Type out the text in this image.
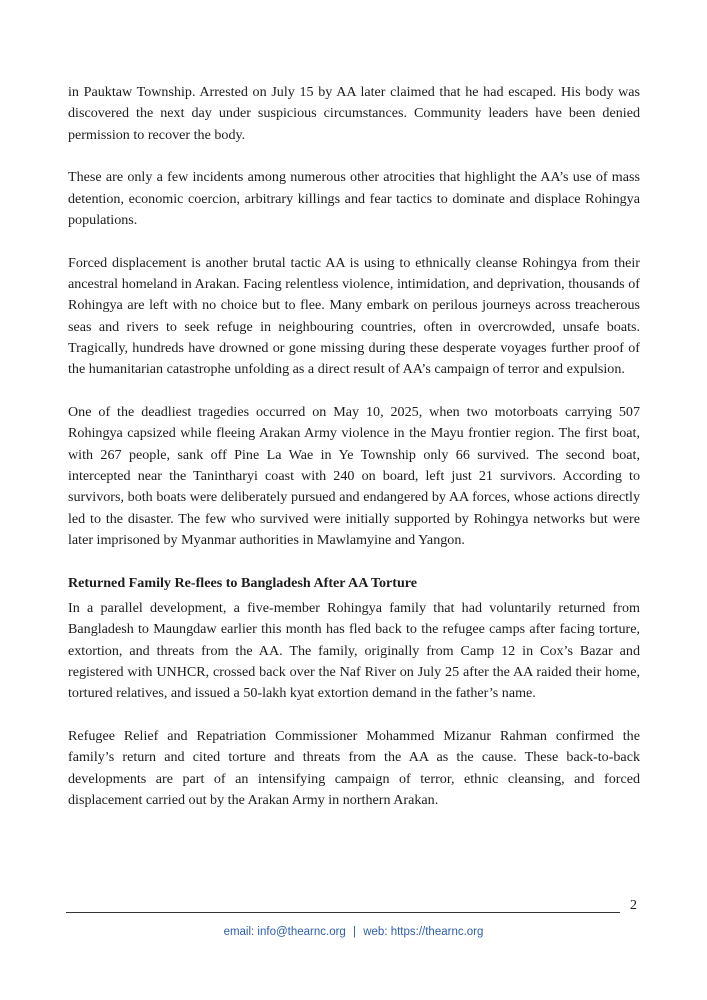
in Pauktaw Township. Arrested on July 15 by AA later claimed that he had escaped. His body was discovered the next day under suspicious circumstances. Community leaders have been denied permission to recover the body.

These are only a few incidents among numerous other atrocities that highlight the AA’s use of mass detention, economic coercion, arbitrary killings and fear tactics to dominate and displace Rohingya populations.

Forced displacement is another brutal tactic AA is using to ethnically cleanse Rohingya from their ancestral homeland in Arakan. Facing relentless violence, intimidation, and deprivation, thousands of Rohingya are left with no choice but to flee. Many embark on perilous journeys across treacherous seas and rivers to seek refuge in neighbouring countries, often in overcrowded, unsafe boats. Tragically, hundreds have drowned or gone missing during these desperate voyages further proof of the humanitarian catastrophe unfolding as a direct result of AA’s campaign of terror and expulsion.

One of the deadliest tragedies occurred on May 10, 2025, when two motorboats carrying 507 Rohingya capsized while fleeing Arakan Army violence in the Mayu frontier region. The first boat, with 267 people, sank off Pine La Wae in Ye Township only 66 survived. The second boat, intercepted near the Tanintharyi coast with 240 on board, left just 21 survivors. According to survivors, both boats were deliberately pursued and endangered by AA forces, whose actions directly led to the disaster. The few who survived were initially supported by Rohingya networks but were later imprisoned by Myanmar authorities in Mawlamyine and Yangon.

Returned Family Re-flees to Bangladesh After AA Torture

In a parallel development, a five-member Rohingya family that had voluntarily returned from Bangladesh to Maungdaw earlier this month has fled back to the refugee camps after facing torture, extortion, and threats from the AA. The family, originally from Camp 12 in Cox’s Bazar and registered with UNHCR, crossed back over the Naf River on July 25 after the AA raided their home, tortured relatives, and issued a 50-lakh kyat extortion demand in the father’s name.

Refugee Relief and Repatriation Commissioner Mohammed Mizanur Rahman confirmed the family’s return and cited torture and threats from the AA as the cause. These back-to-back developments are part of an intensifying campaign of terror, ethnic cleansing, and forced displacement carried out by the Arakan Army in northern Arakan.

2
email: info@thearnc.org | web: https://thearnc.org
